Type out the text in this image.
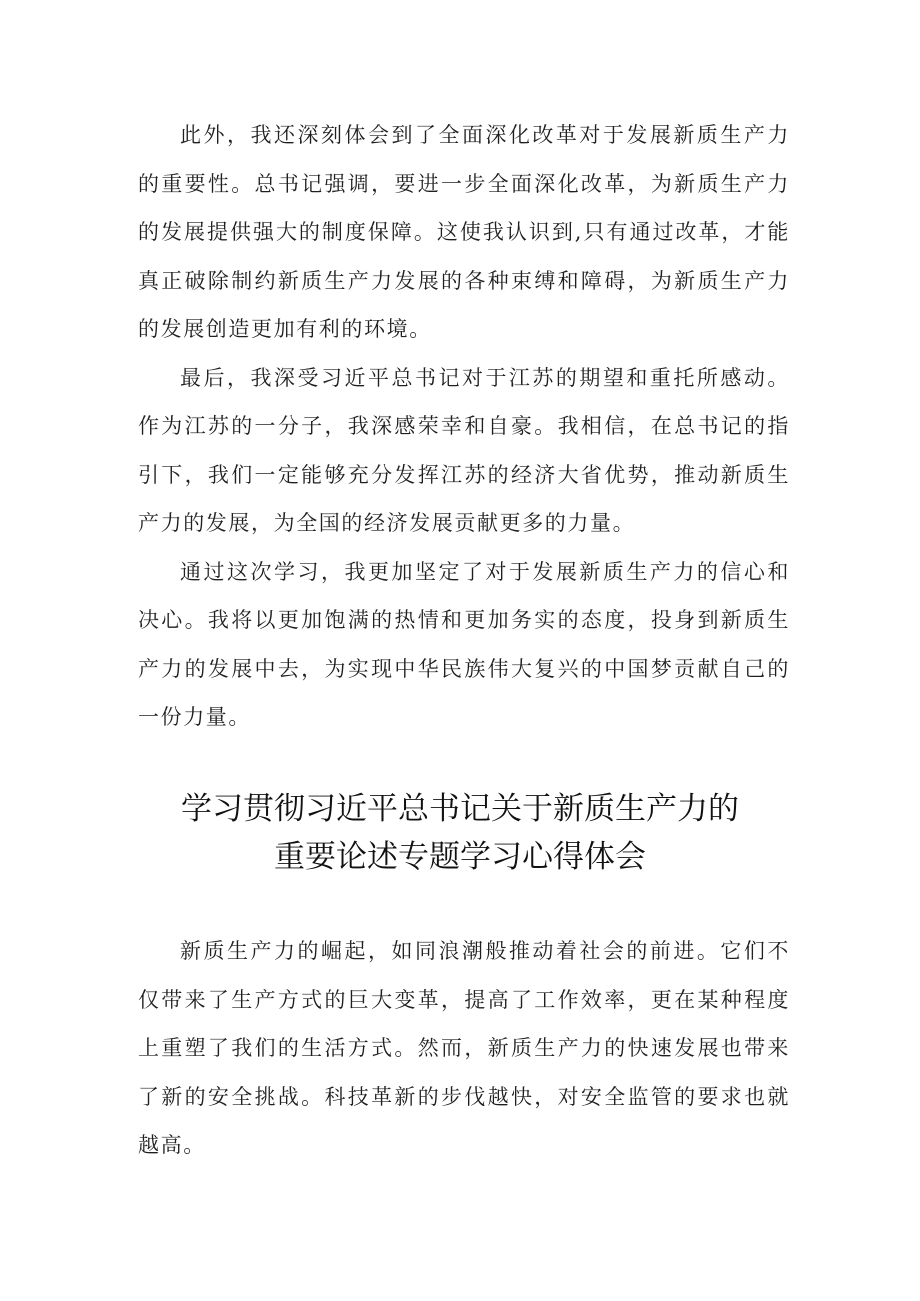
此外，我还深刻体会到了全面深化改革对于发展新质生产力的重要性。总书记强调，要进一步全面深化改革，为新质生产力的发展提供强大的制度保障。这使我认识到,只有通过改革，才能真正破除制约新质生产力发展的各种束缚和障碍，为新质生产力的发展创造更加有利的环境。

最后，我深受习近平总书记对于江苏的期望和重托所感动。作为江苏的一分子，我深感荣幸和自豪。我相信，在总书记的指引下，我们一定能够充分发挥江苏的经济大省优势，推动新质生产力的发展，为全国的经济发展贡献更多的力量。

通过这次学习，我更加坚定了对于发展新质生产力的信心和决心。我将以更加饱满的热情和更加务实的态度，投身到新质生产力的发展中去，为实现中华民族伟大复兴的中国梦贡献自己的一份力量。

学习贯彻习近平总书记关于新质生产力的
重要论述专题学习心得体会

新质生产力的崛起，如同浪潮般推动着社会的前进。它们不仅带来了生产方式的巨大变革，提高了工作效率，更在某种程度上重塑了我们的生活方式。然而，新质生产力的快速发展也带来了新的安全挑战。科技革新的步伐越快，对安全监管的要求也就越高。
